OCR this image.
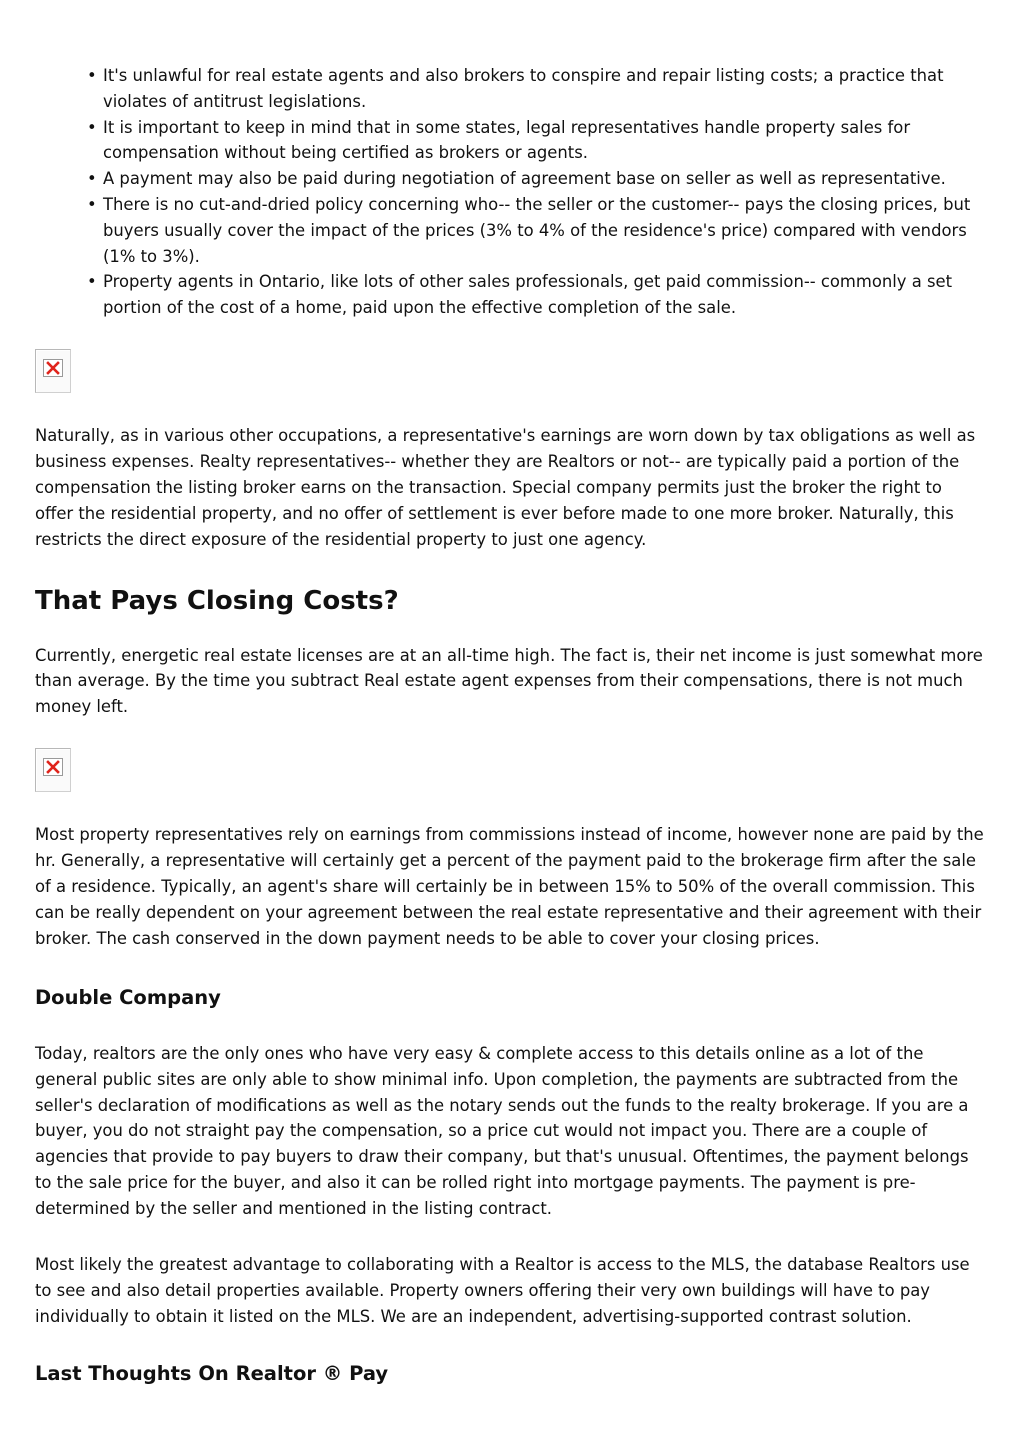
• It's unlawful for real estate agents and also brokers to conspire and repair listing costs; a practice that violates of antitrust legislations.
• It is important to keep in mind that in some states, legal representatives handle property sales for compensation without being certified as brokers or agents.
• A payment may also be paid during negotiation of agreement base on seller as well as representative.
• There is no cut-and-dried policy concerning who-- the seller or the customer-- pays the closing prices, but buyers usually cover the impact of the prices (3% to 4% of the residence's price) compared with vendors (1% to 3%).
• Property agents in Ontario, like lots of other sales professionals, get paid commission-- commonly a set portion of the cost of a home, paid upon the effective completion of the sale.

Naturally, as in various other occupations, a representative's earnings are worn down by tax obligations as well as business expenses. Realty representatives-- whether they are Realtors or not-- are typically paid a portion of the compensation the listing broker earns on the transaction. Special company permits just the broker the right to offer the residential property, and no offer of settlement is ever before made to one more broker. Naturally, this restricts the direct exposure of the residential property to just one agency.

That Pays Closing Costs?

Currently, energetic real estate licenses are at an all-time high. The fact is, their net income is just somewhat more than average. By the time you subtract Real estate agent expenses from their compensations, there is not much money left.

Most property representatives rely on earnings from commissions instead of income, however none are paid by the hr. Generally, a representative will certainly get a percent of the payment paid to the brokerage firm after the sale of a residence. Typically, an agent's share will certainly be in between 15% to 50% of the overall commission. This can be really dependent on your agreement between the real estate representative and their agreement with their broker. The cash conserved in the down payment needs to be able to cover your closing prices.

Double Company

Today, realtors are the only ones who have very easy & complete access to this details online as a lot of the general public sites are only able to show minimal info. Upon completion, the payments are subtracted from the seller's declaration of modifications as well as the notary sends out the funds to the realty brokerage. If you are a buyer, you do not straight pay the compensation, so a price cut would not impact you. There are a couple of agencies that provide to pay buyers to draw their company, but that's unusual. Oftentimes, the payment belongs to the sale price for the buyer, and also it can be rolled right into mortgage payments. The payment is pre-determined by the seller and mentioned in the listing contract.

Most likely the greatest advantage to collaborating with a Realtor is access to the MLS, the database Realtors use to see and also detail properties available. Property owners offering their very own buildings will have to pay individually to obtain it listed on the MLS. We are an independent, advertising-supported contrast solution.

Last Thoughts On Realtor ® Pay
